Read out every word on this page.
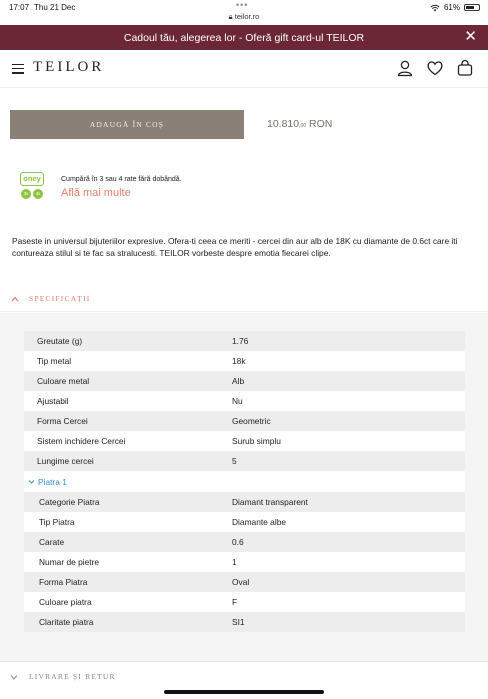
17:07 Thu 21 Dec	•••
🔒︎ teilor.ro
61%
Cadoul tău, alegerea lor - Oferă gift card-ul TEILOR	✕
TEILOR
ADAUGĂ ÎN COȘ	10.810,00 RON
oney
3x	4x
Cumpără în 3 sau 4 rate fără dobândă.
Află mai multe

Paseste in universul bijuteriilor expresive. Ofera-ti ceea ce meriti - cercei din aur alb de 18K cu diamante de 0.6ct care iti contureaza stilul si te fac sa stralucesti. TEILOR vorbeste despre emotia fiecarei clipe.

SPECIFICAȚII
Greutate (g)	1.76
Tip metal	18k
Culoare metal	Alb
Ajustabil	Nu
Forma Cercei	Geometric
Sistem inchidere Cercei	Surub simplu
Lungime cercei	5
Piatra 1
Categorie Piatra	Diamant transparent
Tip Piatra	Diamante albe
Carate	0.6
Numar de pietre	1
Forma Piatra	Oval
Culoare piatra	F
Claritate piatra	SI1
LIVRARE ȘI RETUR
